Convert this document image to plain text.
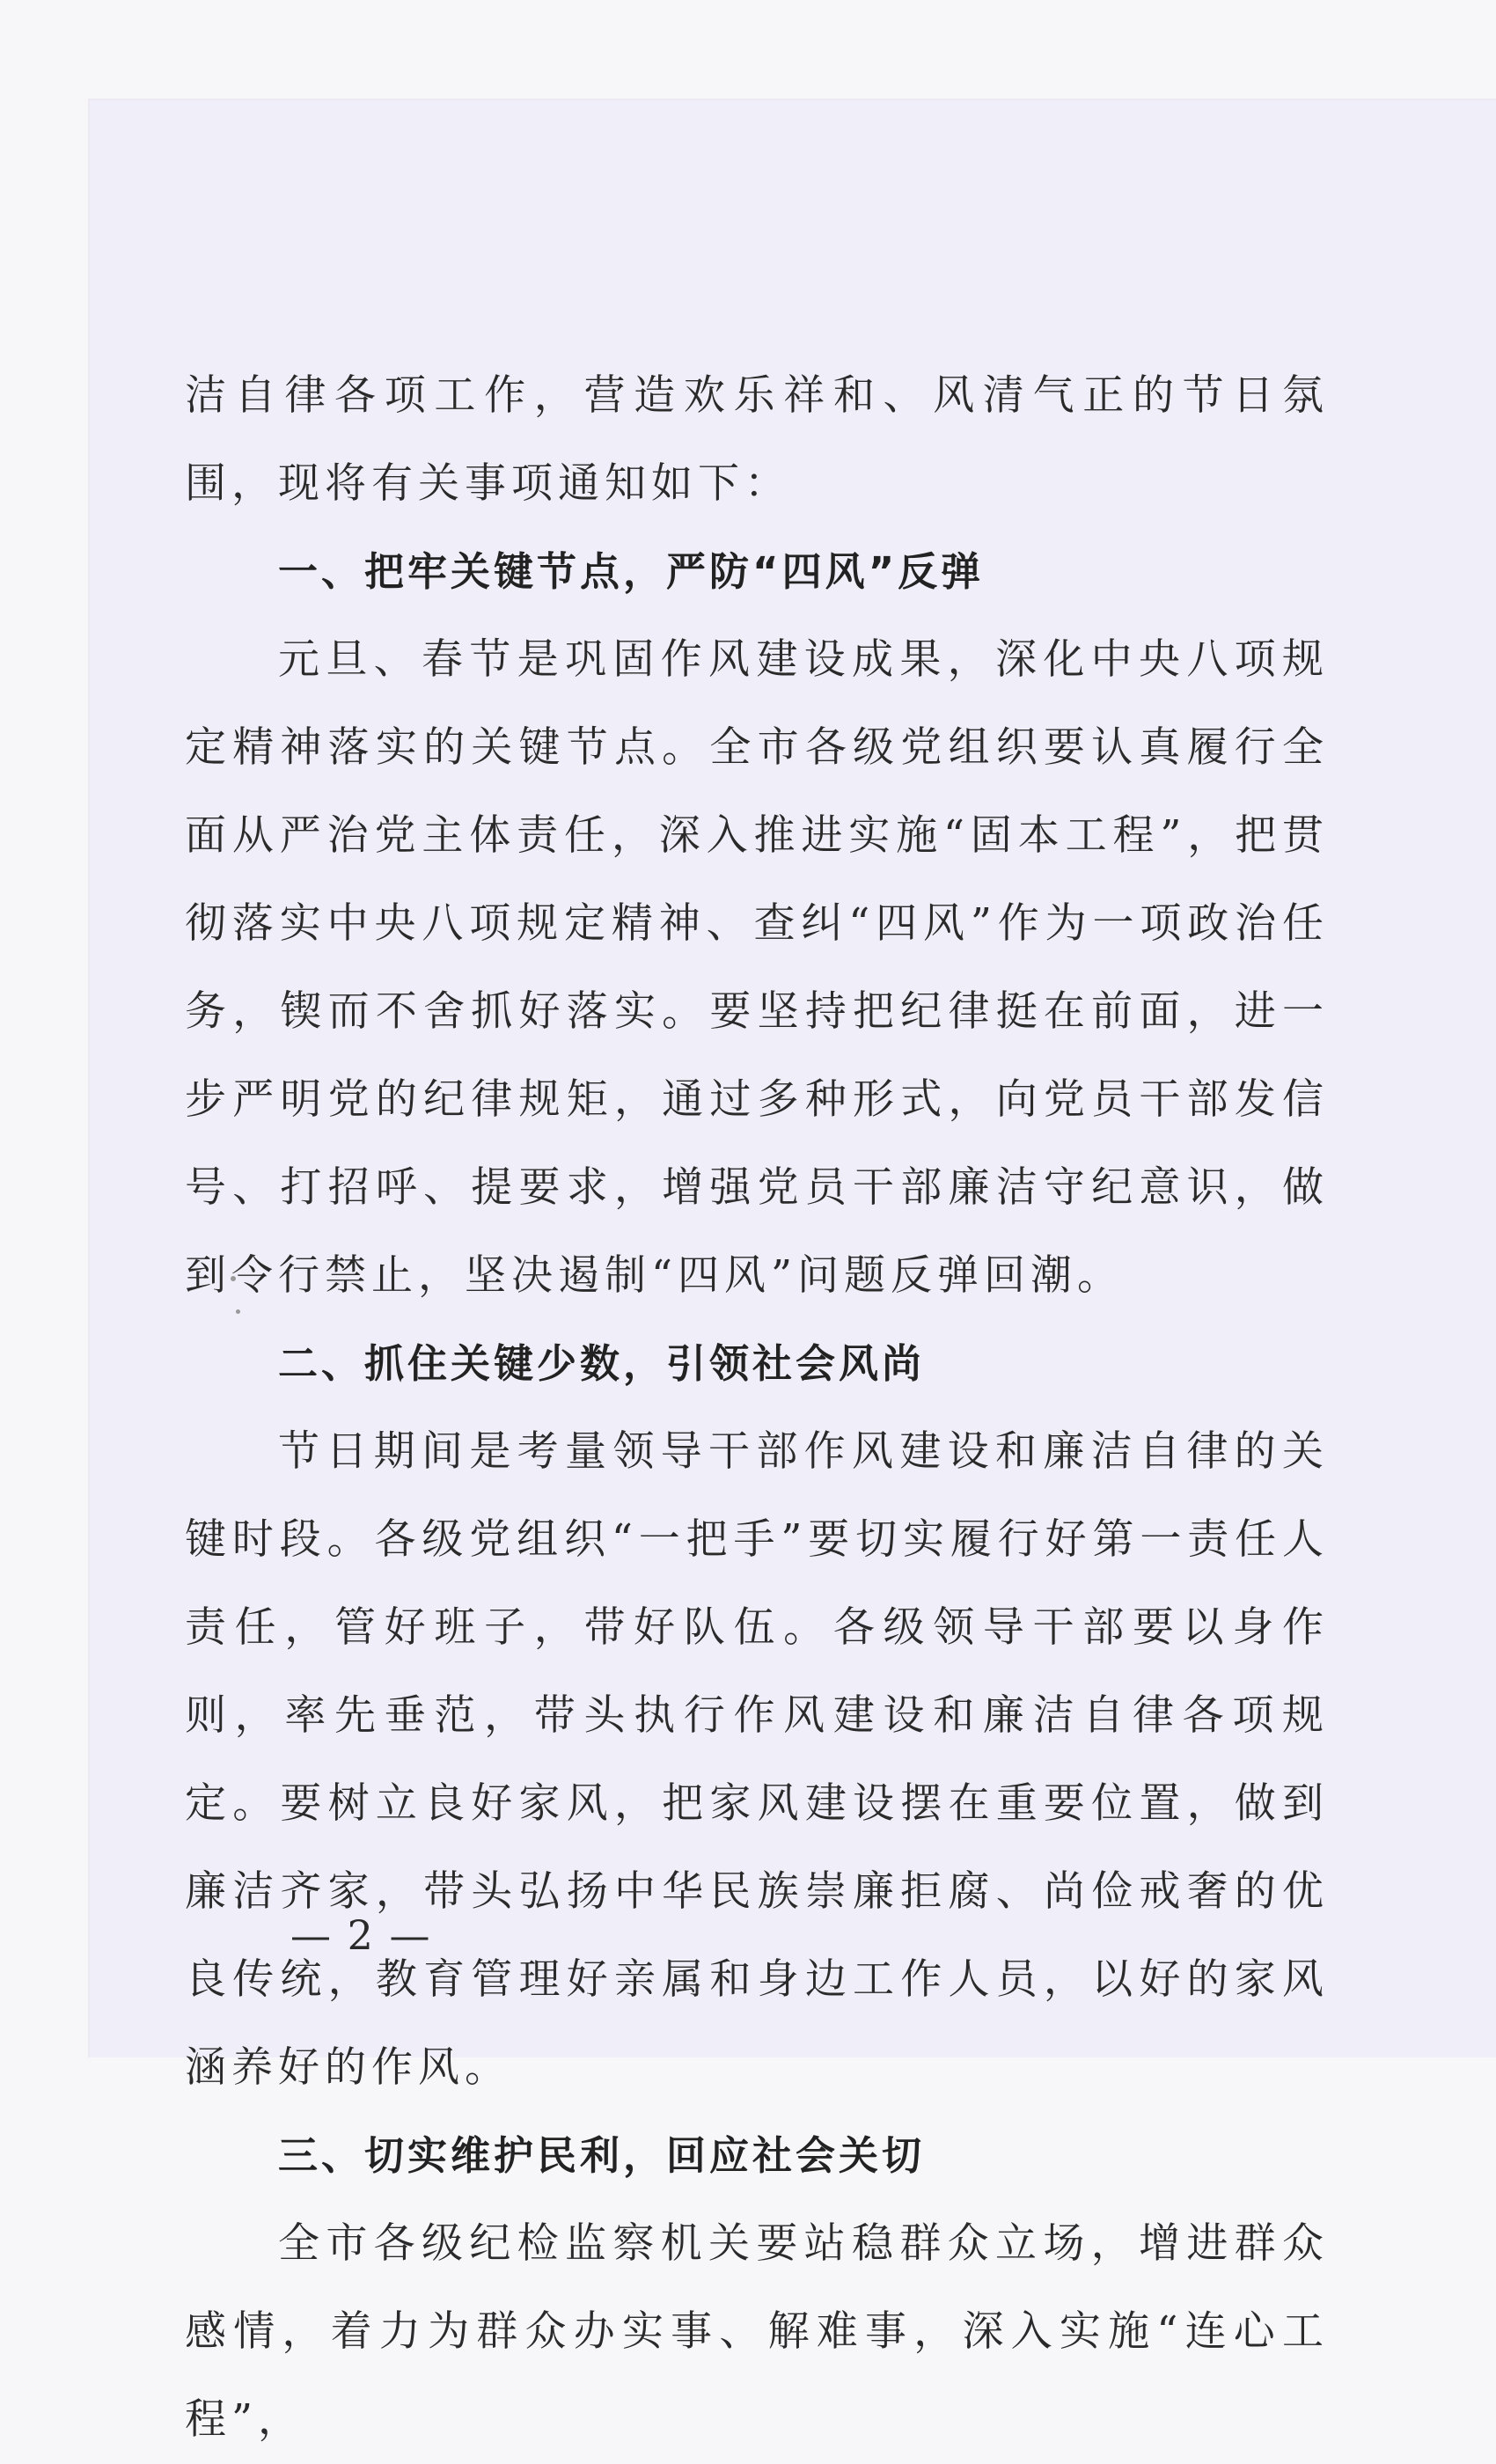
洁自律各项工作，营造欢乐祥和、风清气正的节日氛围，现将有关事项通知如下：

一、把牢关键节点，严防“四风”反弹

元旦、春节是巩固作风建设成果，深化中央八项规定精神落实的关键节点。全市各级党组织要认真履行全面从严治党主体责任，深入推进实施“固本工程”，把贯彻落实中央八项规定精神、查纠“四风”作为一项政治任务，锲而不舍抓好落实。要坚持把纪律挺在前面，进一步严明党的纪律规矩，通过多种形式，向党员干部发信号、打招呼、提要求，增强党员干部廉洁守纪意识，做到令行禁止，坚决遏制“四风”问题反弹回潮。

二、抓住关键少数，引领社会风尚

节日期间是考量领导干部作风建设和廉洁自律的关键时段。各级党组织“一把手”要切实履行好第一责任人责任，管好班子，带好队伍。各级领导干部要以身作则，率先垂范，带头执行作风建设和廉洁自律各项规定。要树立良好家风，把家风建设摆在重要位置，做到廉洁齐家，带头弘扬中华民族崇廉拒腐、尚俭戒奢的优良传统，教育管理好亲属和身边工作人员，以好的家风涵养好的作风。

三、切实维护民利，回应社会关切

全市各级纪检监察机关要站稳群众立场，增进群众感情，着力为群众办实事、解难事，深入实施“连心工程”，

— 2 —
